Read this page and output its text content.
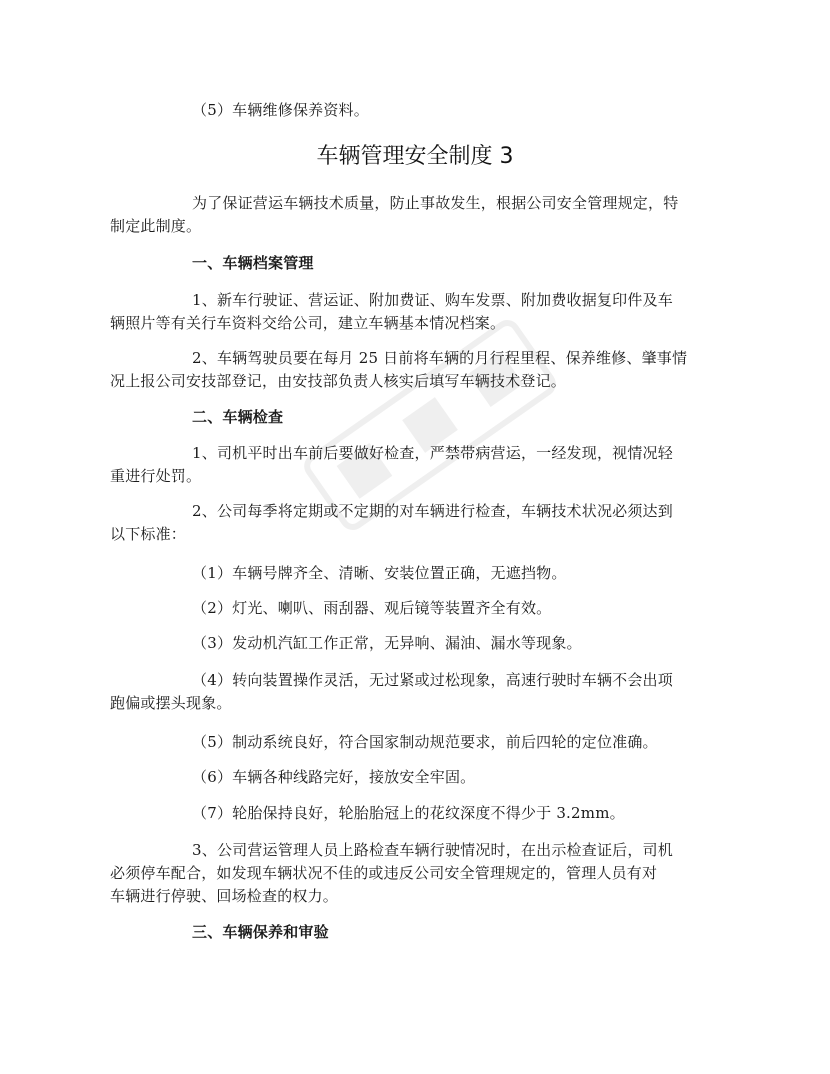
（5）车辆维修保养资料。
车辆管理安全制度 3
为了保证营运车辆技术质量，防止事故发生，根据公司安全管理规定，特
制定此制度。
一、车辆档案管理
1、新车行驶证、营运证、附加费证、购车发票、附加费收据复印件及车
辆照片等有关行车资料交给公司，建立车辆基本情况档案。
2、车辆驾驶员要在每月 25 日前将车辆的月行程里程、保养维修、肇事情
况上报公司安技部登记，由安技部负责人核实后填写车辆技术登记。
二、车辆检查
1、司机平时出车前后要做好检查，严禁带病营运，一经发现，视情况轻
重进行处罚。
2、公司每季将定期或不定期的对车辆进行检查，车辆技术状况必须达到
以下标准：
（1）车辆号牌齐全、清晰、安装位置正确，无遮挡物。
（2）灯光、喇叭、雨刮器、观后镜等装置齐全有效。
（3）发动机汽缸工作正常，无异响、漏油、漏水等现象。
（4）转向装置操作灵活，无过紧或过松现象，高速行驶时车辆不会出项
跑偏或摆头现象。
（5）制动系统良好，符合国家制动规范要求，前后四轮的定位准确。
（6）车辆各种线路完好，接放安全牢固。
（7）轮胎保持良好，轮胎胎冠上的花纹深度不得少于 3.2mm。
3、公司营运管理人员上路检查车辆行驶情况时，在出示检查证后，司机
必须停车配合，如发现车辆状况不佳的或违反公司安全管理规定的，管理人员有对
车辆进行停驶、回场检查的权力。
三、车辆保养和审验
